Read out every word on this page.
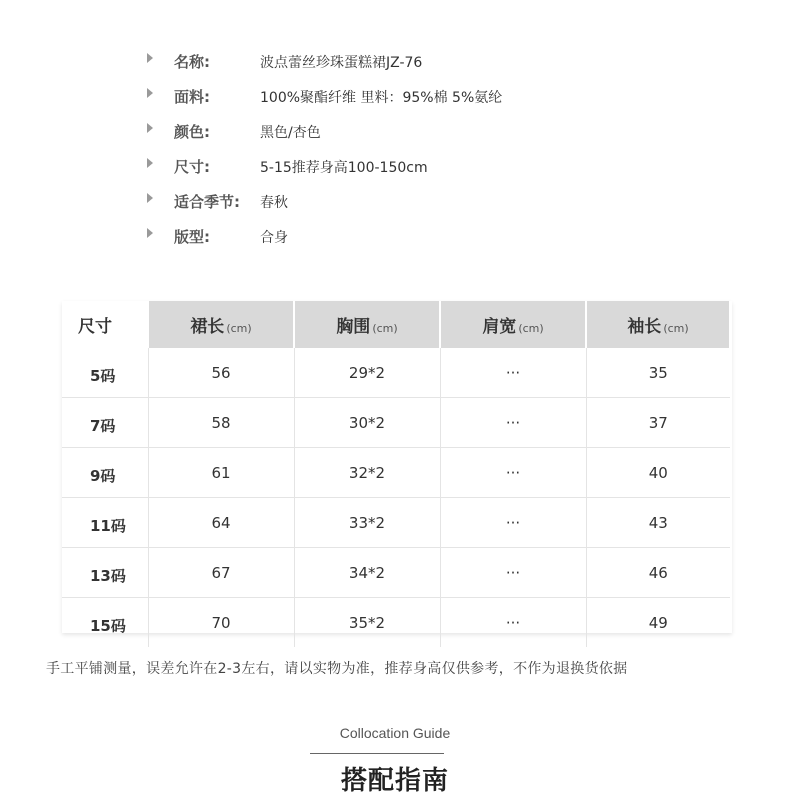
名称:	波点蕾丝珍珠蛋糕裙JZ-76
面料:	100%聚酯纤维 里料：95%棉 5%氨纶
颜色:	黑色/杏色
尺寸:	5-15推荐身高100-150cm
适合季节: 春秋
版型:	合身
尺寸	裙长 (cm)	胸围 (cm)	肩宽 (cm)	袖长 (cm)
5码	56	29*2	···	35
7码	58	30*2	···	37
9码	61	32*2	···	40
11码	64	33*2	···	43
13码	67	34*2	···	46
15码	70	35*2	···	49
手工平铺测量，误差允许在2-3左右，请以实物为准，推荐身高仅供参考，不作为退换货依据
Collocation Guide
搭配指南
